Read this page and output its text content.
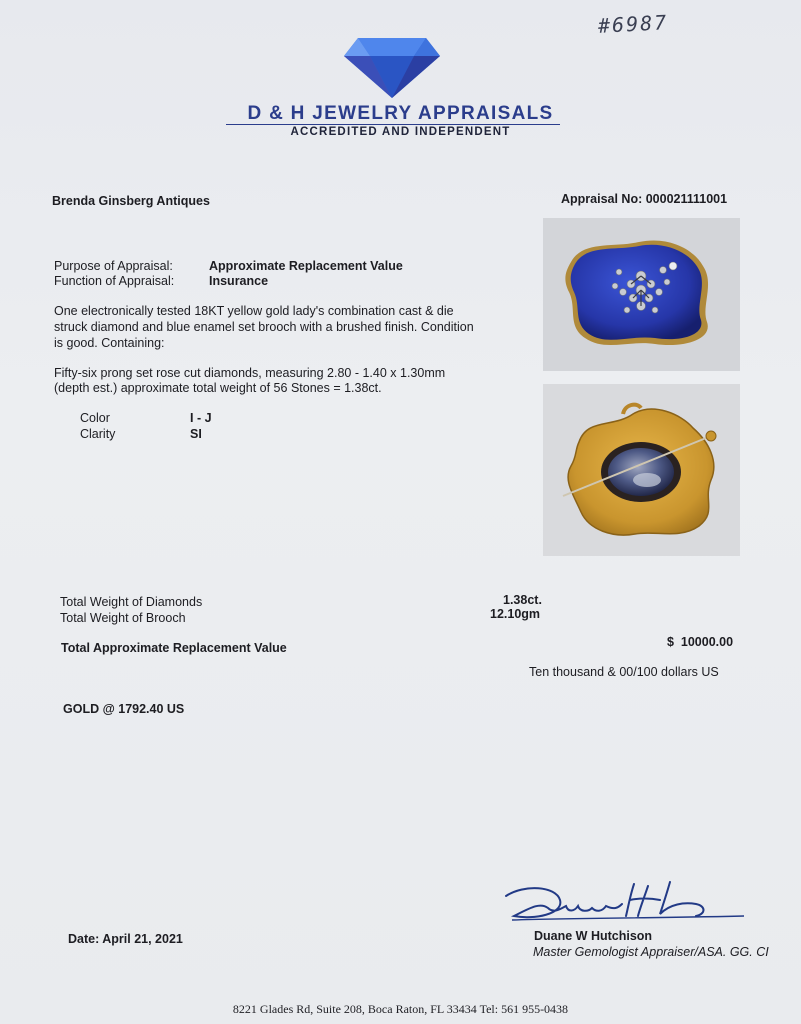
#6987
D & H JEWELRY APPRAISALS
ACCREDITED AND INDEPENDENT
Brenda Ginsberg Antiques	Appraisal No: 000021111001
Purpose of Appraisal:	Approximate Replacement Value
Function of Appraisal:	Insurance
One electronically tested 18KT yellow gold lady's combination cast & die
struck diamond and blue enamel set brooch with a brushed finish. Condition
is good. Containing:
Fifty-six prong set rose cut diamonds, measuring 2.80 - 1.40 x 1.30mm
(depth est.) approximate total weight of 56 Stones = 1.38ct.
Color	I - J
Clarity	SI
Total Weight of Diamonds	1.38ct.
Total Weight of Brooch	12.10gm
Total Approximate Replacement Value	$  10000.00
Ten thousand & 00/100 dollars US
GOLD @ 1792.40 US
Duane W Hutchison
Master Gemologist Appraiser/ASA. GG. CI
Date: April 21, 2021
8221 Glades Rd, Suite 208, Boca Raton, FL 33434 Tel: 561 955-0438
